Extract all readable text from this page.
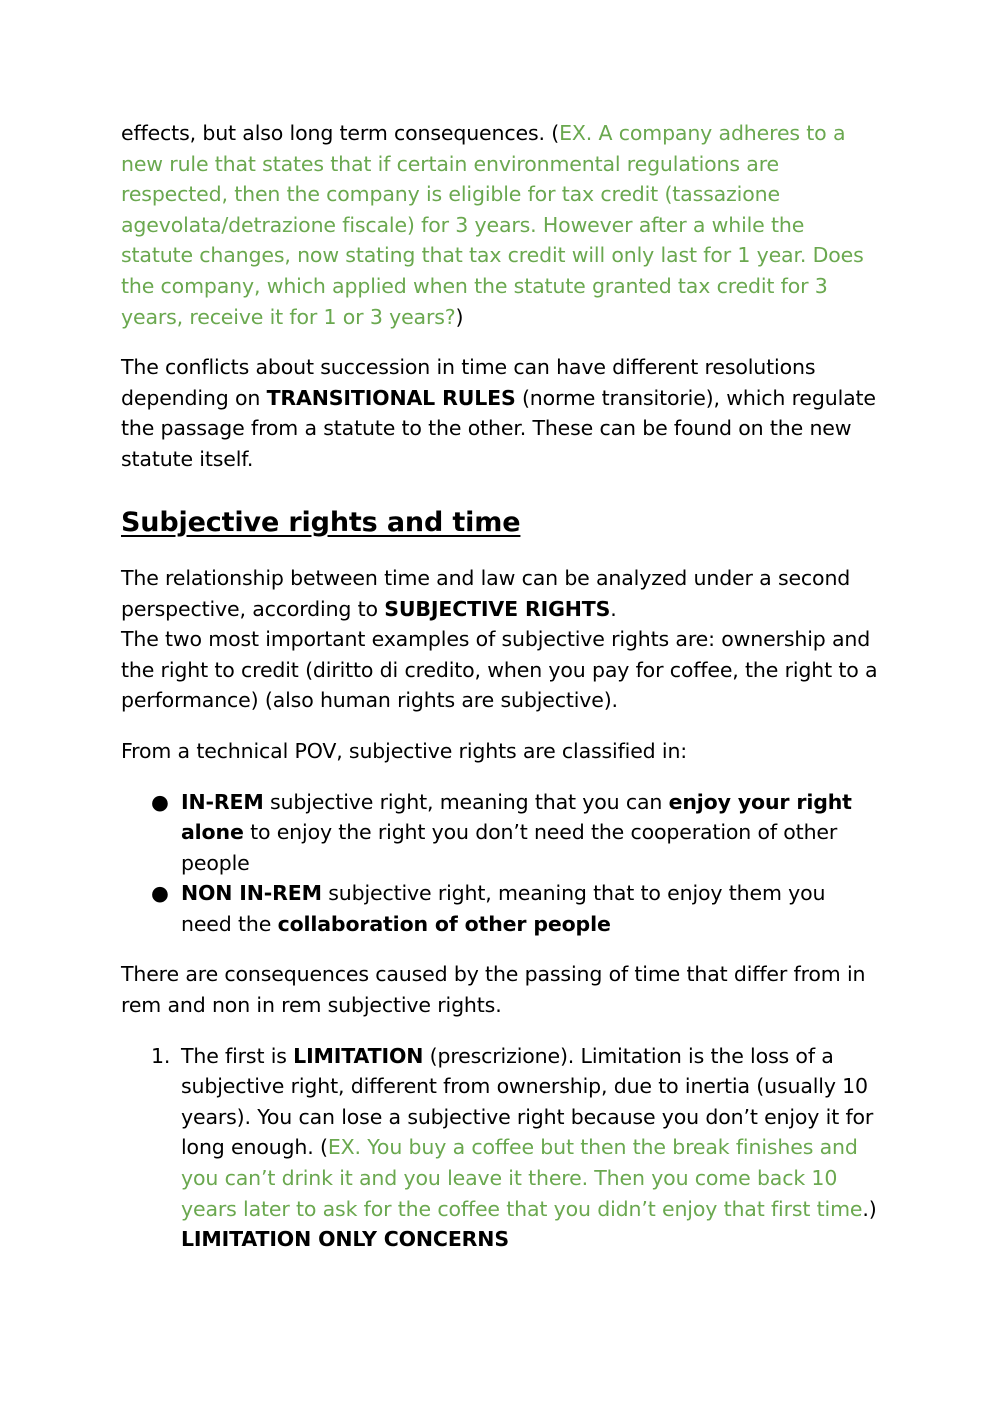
effects, but also long term consequences. (EX. A company adheres to a new rule that states that if certain environmental regulations are respected, then the company is eligible for tax credit (tassazione agevolata/detrazione fiscale) for 3 years. However after a while the statute changes, now stating that tax credit will only last for 1 year. Does the company, which applied when the statute granted tax credit for 3 years, receive it for 1 or 3 years?)

The conflicts about succession in time can have different resolutions depending on TRANSITIONAL RULES (norme transitorie), which regulate the passage from a statute to the other. These can be found on the new statute itself.

Subjective rights and time

The relationship between time and law can be analyzed under a second perspective, according to SUBJECTIVE RIGHTS.
The two most important examples of subjective rights are: ownership and the right to credit (diritto di credito, when you pay for coffee, the right to a performance) (also human rights are subjective).

From a technical POV, subjective rights are classified in:

● IN-REM subjective right, meaning that you can enjoy your right alone to enjoy the right you don’t need the cooperation of other people
● NON IN-REM subjective right, meaning that to enjoy them you need the collaboration of other people

There are consequences caused by the passing of time that differ from in rem and non in rem subjective rights.

1. The first is LIMITATION (prescrizione). Limitation is the loss of a subjective right, different from ownership, due to inertia (usually 10 years). You can lose a subjective right because you don’t enjoy it for long enough. (EX. You buy a coffee but then the break finishes and you can’t drink it and you leave it there. Then you come back 10 years later to ask for the coffee that you didn’t enjoy that first time.) LIMITATION ONLY CONCERNS
